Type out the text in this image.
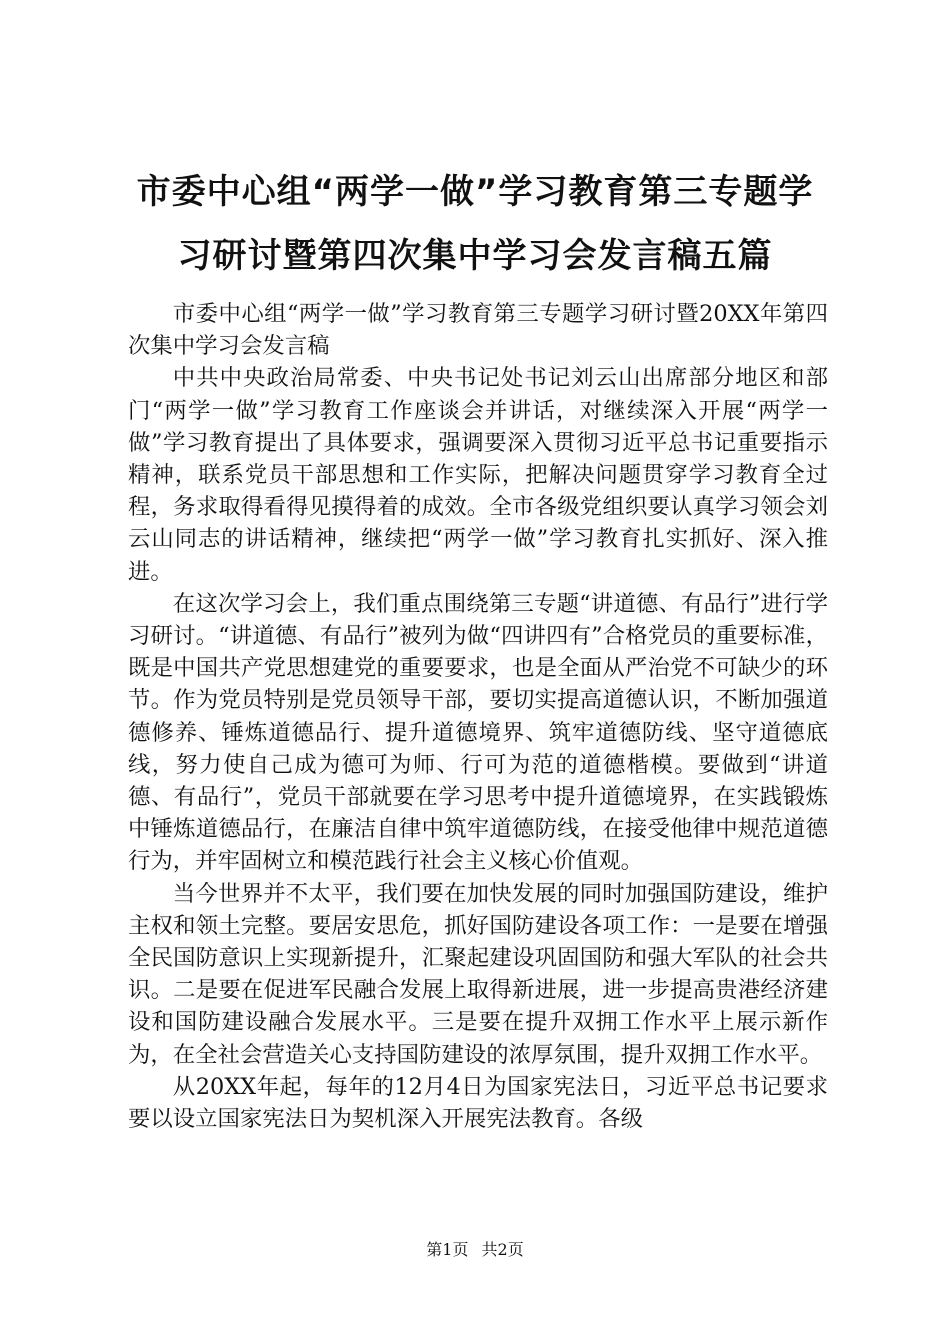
市委中心组“两学一做”学习教育第三专题学
习研讨暨第四次集中学习会发言稿五篇

市委中心组“两学一做”学习教育第三专题学习研讨暨20XX年第四次集中学习会发言稿

中共中央政治局常委、中央书记处书记刘云山出席部分地区和部门“两学一做”学习教育工作座谈会并讲话，对继续深入开展“两学一做”学习教育提出了具体要求，强调要深入贯彻习近平总书记重要指示精神，联系党员干部思想和工作实际，把解决问题贯穿学习教育全过程，务求取得看得见摸得着的成效。全市各级党组织要认真学习领会刘云山同志的讲话精神，继续把“两学一做”学习教育扎实抓好、深入推进。

在这次学习会上，我们重点围绕第三专题“讲道德、有品行”进行学习研讨。“讲道德、有品行”被列为做“四讲四有”合格党员的重要标准，既是中国共产党思想建党的重要要求，也是全面从严治党不可缺少的环节。作为党员特别是党员领导干部，要切实提高道德认识，不断加强道德修养、锤炼道德品行、提升道德境界、筑牢道德防线、坚守道德底线，努力使自己成为德可为师、行可为范的道德楷模。要做到“讲道德、有品行”，党员干部就要在学习思考中提升道德境界，在实践锻炼中锤炼道德品行，在廉洁自律中筑牢道德防线，在接受他律中规范道德行为，并牢固树立和模范践行社会主义核心价值观。

当今世界并不太平，我们要在加快发展的同时加强国防建设，维护主权和领土完整。要居安思危，抓好国防建设各项工作：一是要在增强全民国防意识上实现新提升，汇聚起建设巩固国防和强大军队的社会共识。二是要在促进军民融合发展上取得新进展，进一步提高贵港经济建设和国防建设融合发展水平。三是要在提升双拥工作水平上展示新作为，在全社会营造关心支持国防建设的浓厚氛围，提升双拥工作水平。

从20XX年起，每年的12月4日为国家宪法日，习近平总书记要求要以设立国家宪法日为契机深入开展宪法教育。各级

第1页 共2页
